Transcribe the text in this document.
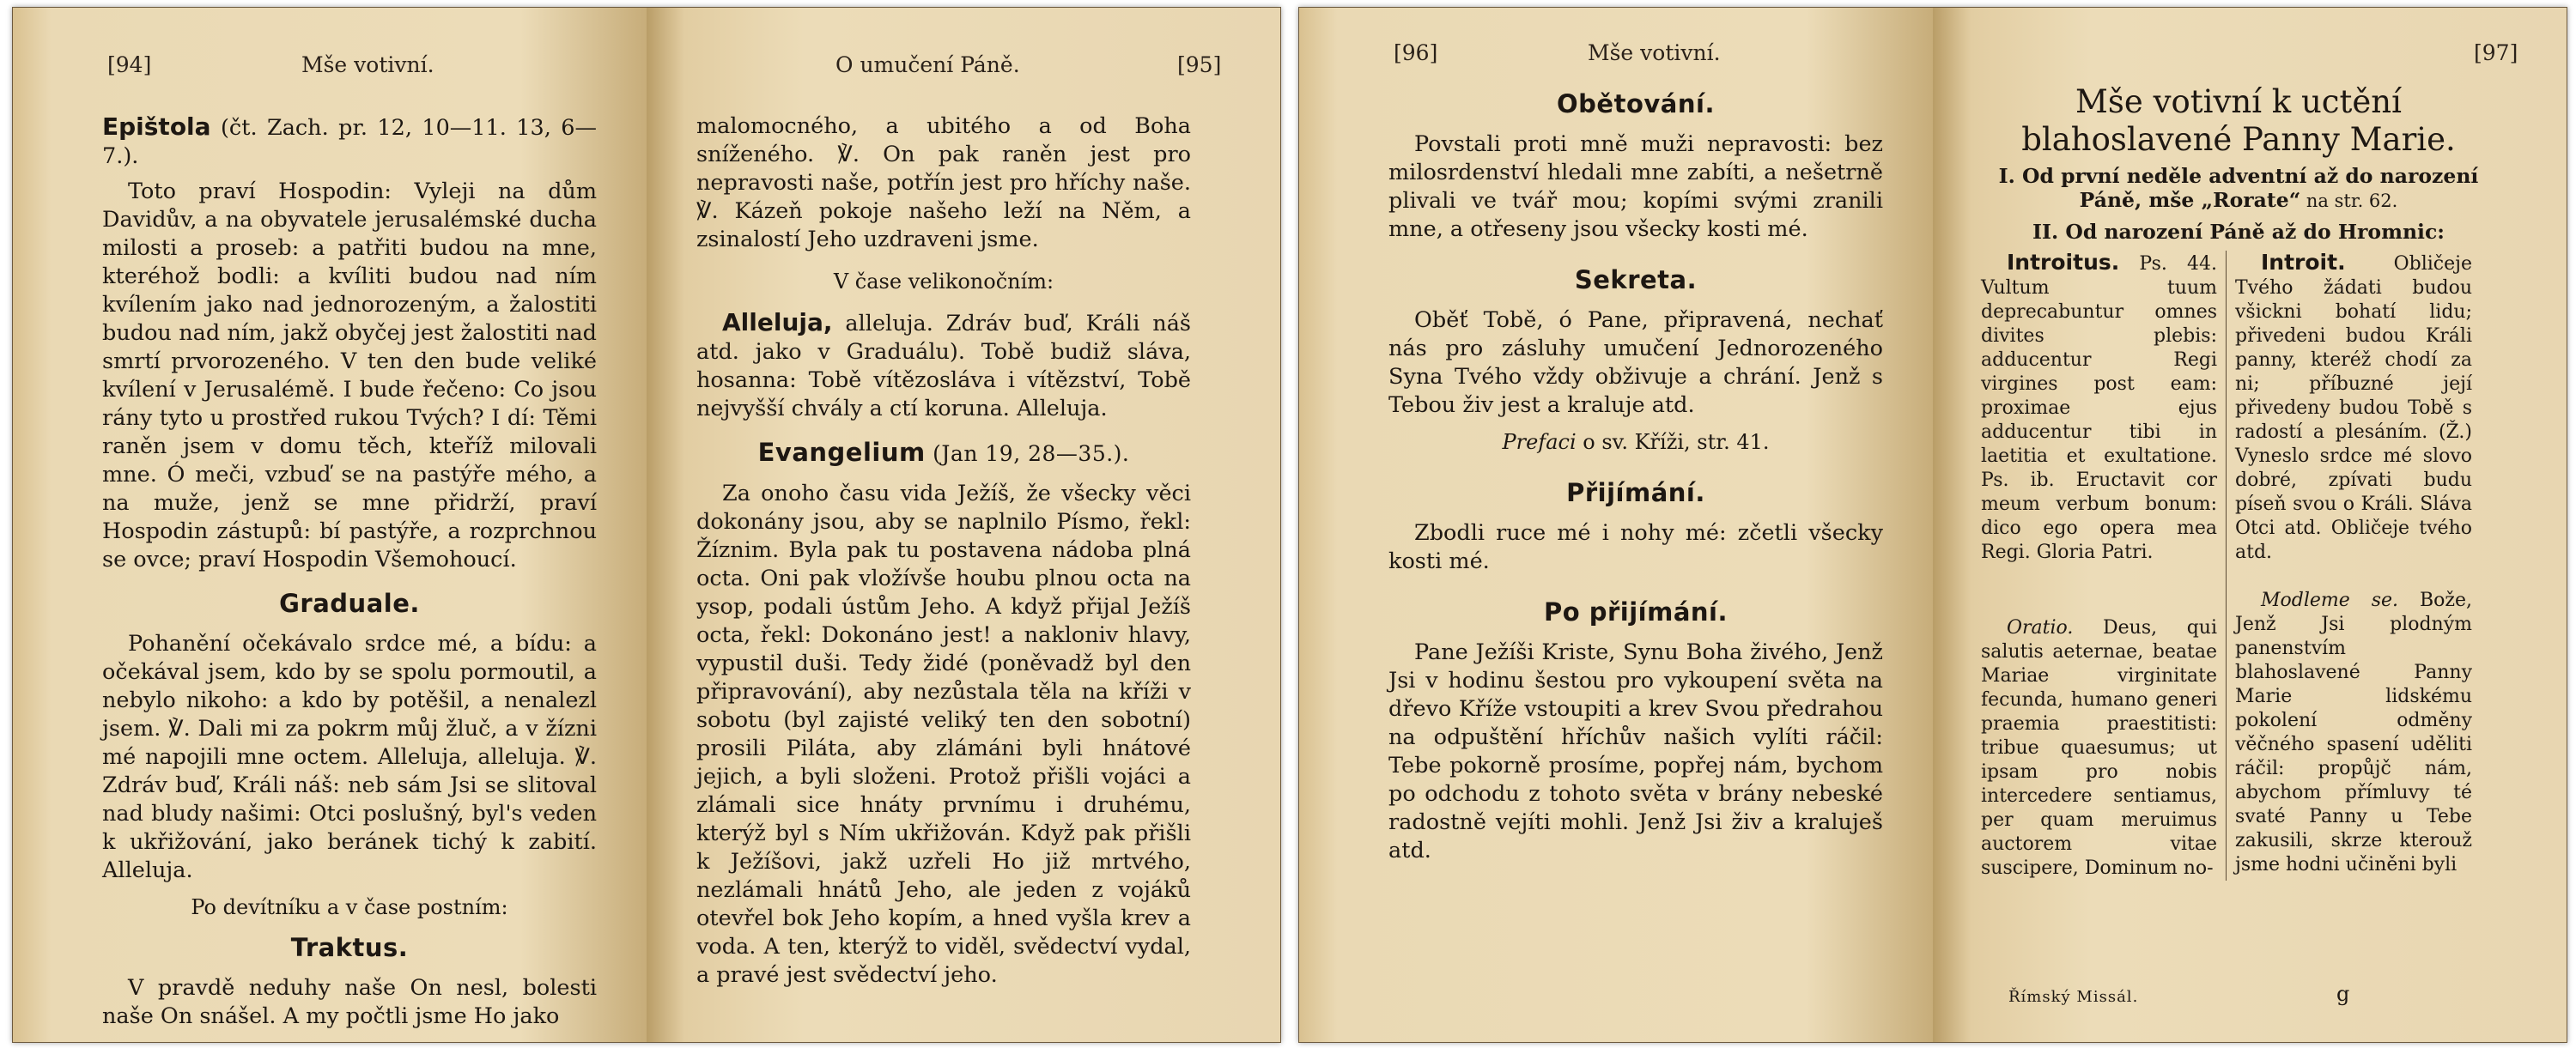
[94]	Mše votivní.

Epištola (čt. Zach. pr. 12, 10—11. 13, 6—7.).

Toto praví Hospodin: Vyleji na dům Davidův, a na obyvatele jerusalémské ducha milosti a proseb: a patřiti budou na mne, kteréhož bodli: a kvíliti budou nad ním kvílením jako nad jednorozeným, a žalostiti budou nad ním, jakž obyčej jest žalostiti nad smrtí prvorozeného. V ten den bude veliké kvílení v Jerusalémě. I bude řečeno: Co jsou rány tyto u prostřed rukou Tvých? I dí: Těmi raněn jsem v domu těch, kteříž milovali mne. Ó meči, vzbuď se na pastýře mého, a na muže, jenž se mne přidrží, praví Hospodin zástupů: bí pastýře, a rozprchnou se ovce; praví Hospodin Všemohoucí.

Graduale.

Pohanění očekávalo srdce mé, a bídu: a očekával jsem, kdo by se spolu pormoutil, a nebylo nikoho: a kdo by potěšil, a nenalezl jsem. ℣. Dali mi za pokrm můj žluč, a v žízni mé napojili mne octem. Alleluja, alleluja. ℣. Zdráv buď, Králi náš: neb sám Jsi se slitoval nad bludy našimi: Otci poslušný, byl's veden k ukřižování, jako beránek tichý k zabití. Alleluja.

Po devítníku a v čase postním:
Traktus.

V pravdě neduhy naše On nesl, bolesti naše On snášel. A my počtli jsme Ho jako

O umučení Páně.	[95]

malomocného, a ubitého a od Boha sníženého. ℣. On pak raněn jest pro nepravosti naše, potřín jest pro hříchy naše. ℣. Kázeň pokoje našeho leží na Něm, a zsinalostí Jeho uzdraveni jsme.

V čase velikonočním:

Alleluja, alleluja. Zdráv buď, Králi náš atd. jako v Graduálu). Tobě budiž sláva, hosanna: Tobě vítězoslávа i vítězství, Tobě nejvyšší chvály a ctí koruna. Alleluja.

Evangelium (Jan 19, 28—35.).

Za onoho času vida Ježíš, že všecky věci dokonány jsou, aby se naplnilo Písmo, řekl: Žíznim. Byla pak tu postavena nádoba plná octa. Oni pak vložívše houbu plnou octa na ysop, podali ústům Jeho. A když přijal Ježíš octa, řekl: Dokonáno jest! a nakloniv hlavy, vypustil duši. Tedy židé (poněvadž byl den připravování), aby nezůstala těla na kříži v sobotu (byl zajisté veliký ten den sobotní) prosili Piláta, aby zlámáni byli hnátové jejich, a byli složeni. Protož přišli vojáci a zlámali sice hnáty prvnímu i druhému, kterýž byl s Ním ukřižován. Když pak přišli k Ježíšovi, jakž uzřeli Ho již mrtvého, nezlámali hnátů Jeho, ale jeden z vojáků otevřel bok Jeho kopím, a hned vyšla krev a voda. A ten, kterýž to viděl, svědectví vydal, a pravé jest svědectví jeho.

[96]	Mše votivní.
Obětování.

Povstali proti mně muži nepravosti: bez milosrdenství hledali mne zabíti, a nešetrně plivali ve tvář mou; kopími svými zranili mne, a otřeseny jsou všecky kosti mé.

Sekreta.

Oběť Tobě, ó Pane, připravená, nechať nás pro zásluhy umučení Jednorozeného Syna Tvého vždy obživuje a chrání. Jenž s Tebou živ jest a kraluje atd.

Prefaci o sv. Kříži, str. 41.
Přijímání.

Zbodli ruce mé i nohy mé: zčetli všecky kosti mé.

Po přijímání.

Pane Ježíši Kriste, Synu Boha živého, Jenž Jsi v hodinu šestou pro vykoupení světa na dřevo Kříže vstoupiti a krev Svou předrahou na odpuštění hříchův našich vylíti ráčil: Tebe pokorně prosíme, popřej nám, bychom po odchodu z tohoto světa v brány nebeské radostně vejíti mohli. Jenž Jsi živ a kraluješ atd.

[97]
Mše votivní k uctění blahoslavené Panny Marie.
I. Od první neděle adventní až do narození Páně, mše „Rorate“ na str. 62.
II. Od narození Páně až do Hromnic:

Introitus. Ps. 44. Vultum tuum deprecabuntur omnes divites plebis: adducentur Regi virgines post eam: proximae ejus adducentur tibi in laetitia et exultatione. Ps. ib. Eructavit cor meum verbum bonum: dico ego opera mea Regi. Gloria Patri.

Oratio. Deus, qui salutis aeternae, beatae Mariae virginitate fecunda, humano generi praemia praestitisti: tribue quaesumus; ut ipsam pro nobis intercedere sentiamus, per quam meruimus auctorem vitae suscipere, Dominum no-

Introit. Obličeje Tvého žádati budou všickni bohatí lidu; přivedeni budou Králi panny, kteréž chodí za ni; příbuzné její přivedeny budou Tobě s radostí a plesáním. (Ž.) Vyneslo srdce mé slovo dobré, zpívati budu píseň svou o Králi. Sláva Otci atd. Obličeje tvého atd.

Modleme se. Bože, Jenž Jsi plodným panenstvím blahoslavené Panny Marie lidskému pokolení odměny věčného spasení uděliti ráčil: propůjč nám, abychom přímluvy té svaté Panny u Tebe zakusili, skrze kterouž jsme hodni učiněni byli

Římský Missál.	g
